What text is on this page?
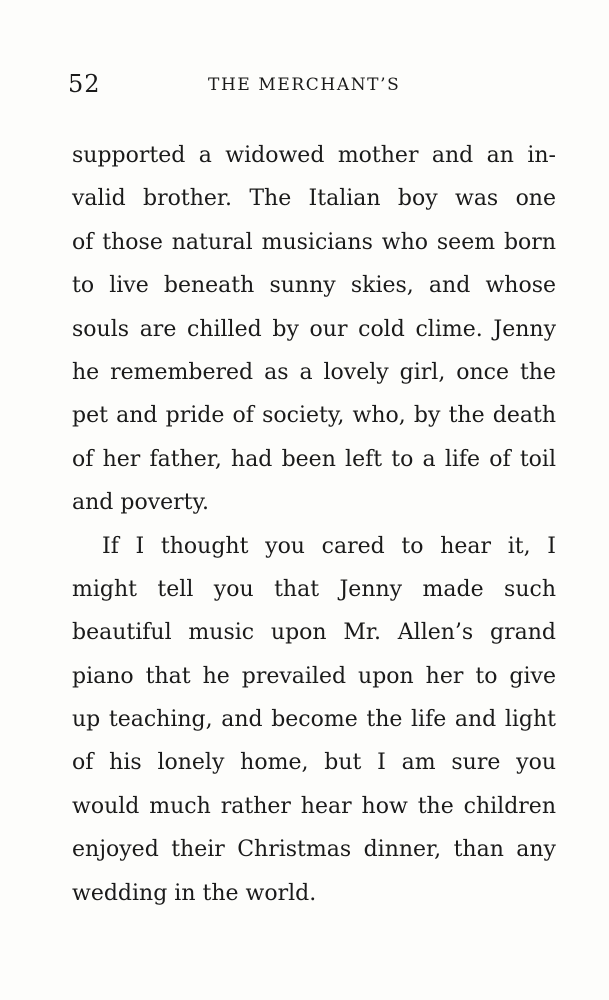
52	THE MERCHANT’S
supported a widowed mother and an in-
valid brother. The Italian boy was one
of those natural musicians who seem born
to live beneath sunny skies, and whose
souls are chilled by our cold clime. Jenny
he remembered as a lovely girl, once the
pet and pride of society, who, by the death
of her father, had been left to a life of toil
and poverty.
If I thought you cared to hear it, I
might tell you that Jenny made such
beautiful music upon Mr. Allen’s grand
piano that he prevailed upon her to give
up teaching, and become the life and light
of his lonely home, but I am sure you
would much rather hear how the children
enjoyed their Christmas dinner, than any
wedding in the world.
